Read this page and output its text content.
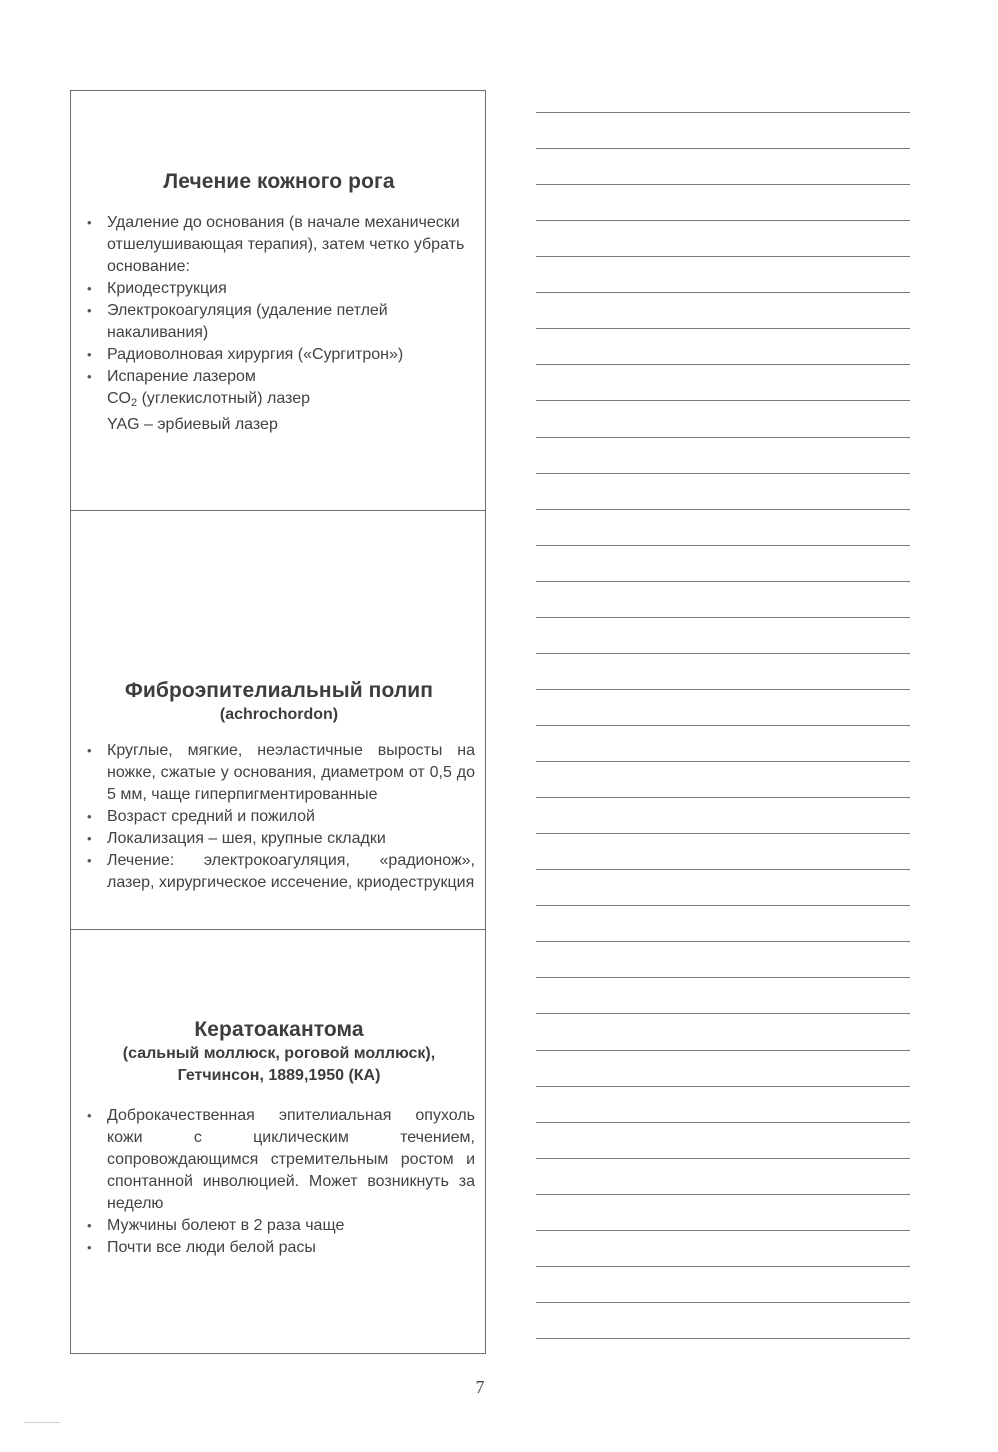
Лечение кожного рога
• Удаление до основания (в начале механически отшелушивающая терапия), затем четко убрать основание:
• Криодеструкция
• Электрокоагуляция (удаление петлей накаливания)
• Радиоволновая хирургия («Сургитрон»)
• Испарение лазером
$CO_2$ (углекислотный) лазер
YAG – эрбиевый лазер
Фиброэпителиальный полип

(achrochordon)

• Круглые, мягкие, неэластичные выросты на ножке, сжатые у основания, диаметром от 0,5 до 5 мм, чаще гиперпигментированные
• Возраст средний и пожилой
• Локализация – шея, крупные складки
• Лечение: электрокоагуляция, «радионож», лазер, хирургическое иссечение, криодеструкция
Кератоакантома

(сальный моллюск, роговой моллюск),

Гетчинсон, 1889,1950 (КА)

• Доброкачественная эпителиальная опухоль кожи с циклическим течением, сопровождающимся стремительным ростом и спонтанной инволюцией. Может возникнуть за неделю
• Мужчины болеют в 2 раза чаще
• Почти все люди белой расы
7
